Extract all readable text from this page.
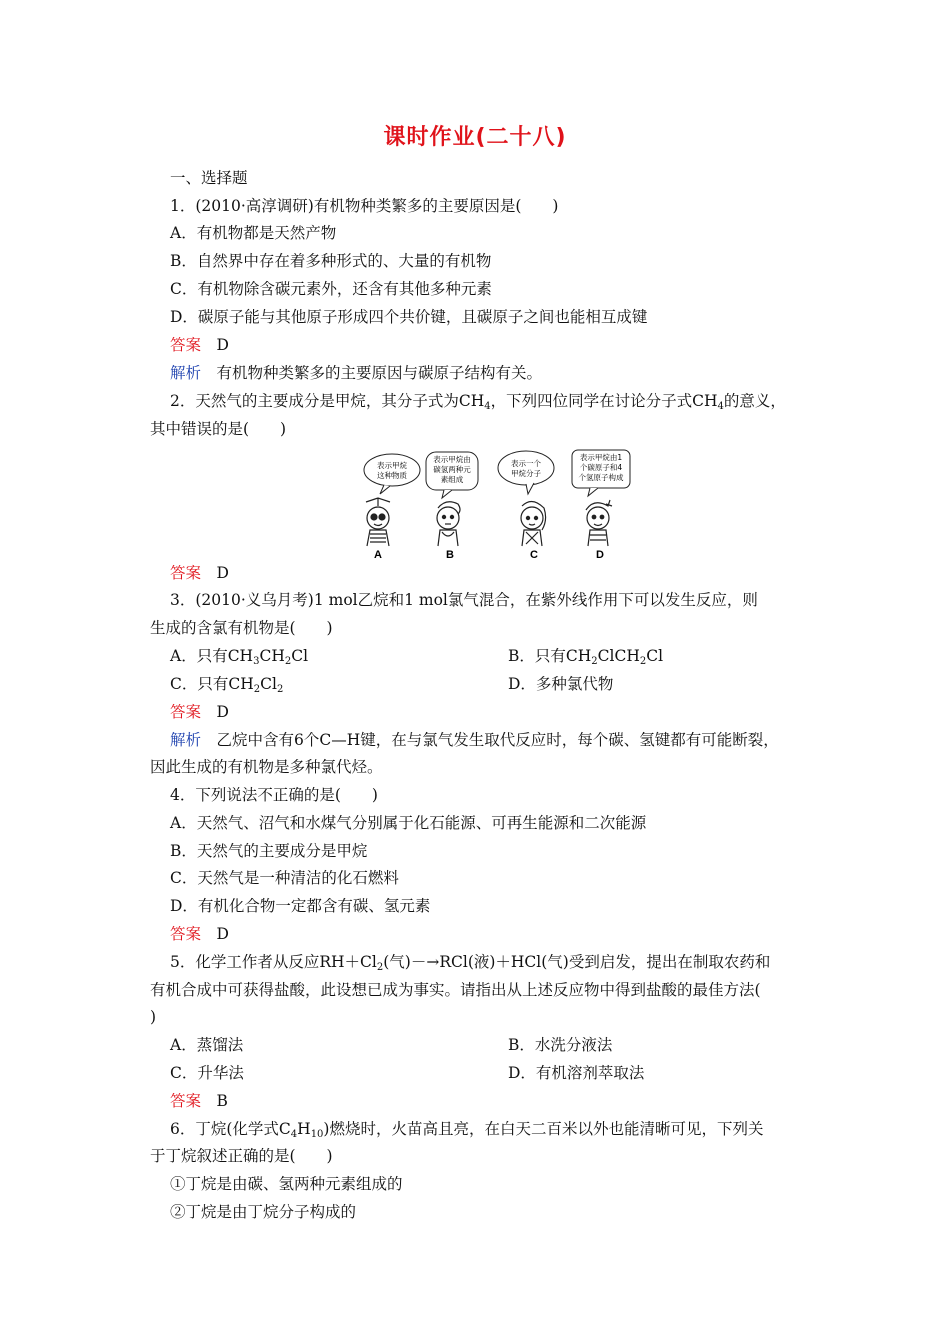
课时作业(二十八)
一、选择题
1．(2010·高淳调研)有机物种类繁多的主要原因是(　　)
A．有机物都是天然产物
B．自然界中存在着多种形式的、大量的有机物
C．有机物除含碳元素外，还含有其他多种元素
D．碳原子能与其他原子形成四个共价键，且碳原子之间也能相互成键
答案　 D
解析　 有机物种类繁多的主要原因与碳原子结构有关。
2．天然气的主要成分是甲烷，其分子式为$CH_4$，下列四位同学在讨论分子式$CH_4$的意义，
其中错误的是(　　)
表示甲烷
这种物质
表示甲烷由
碳氢两种元
素组成
表示一个
甲烷分子
表示甲烷由1
个碳原子和4
个氢原子构成
A	B	C	D
答案　 D
3．(2010·义乌月考)1 mol乙烷和1 mol氯气混合，在紫外线作用下可以发生反应，则
生成的含氯有机物是(　　)
A．只有$CH_3CH_2Cl$	B．只有$CH_2ClCH_2Cl$
C．只有$CH_2Cl_2$	D．多种氯代物
答案　 D
解析　 乙烷中含有6个C—H键，在与氯气发生取代反应时，每个碳、氢键都有可能断裂，
因此生成的有机物是多种氯代烃。
4．下列说法不正确的是(　　)
A．天然气、沼气和水煤气分别属于化石能源、可再生能源和二次能源
B．天然气的主要成分是甲烷
C．天然气是一种清洁的化石燃料
D．有机化合物一定都含有碳、氢元素
答案　 D
5．化学工作者从反应$RH+Cl_2$(气)－→RCl(液)＋HCl(气)受到启发，提出在制取农药和
有机合成中可获得盐酸，此设想已成为事实。请指出从上述反应物中得到盐酸的最佳方法(
)
A．蒸馏法	B．水洗分液法
C．升华法	D．有机溶剂萃取法
答案　 B
6．丁烷(化学式$C_4H_{10}$)燃烧时，火苗高且亮，在白天二百米以外也能清晰可见，下列关
于丁烷叙述正确的是(　　)
①丁烷是由碳、氢两种元素组成的
②丁烷是由丁烷分子构成的
